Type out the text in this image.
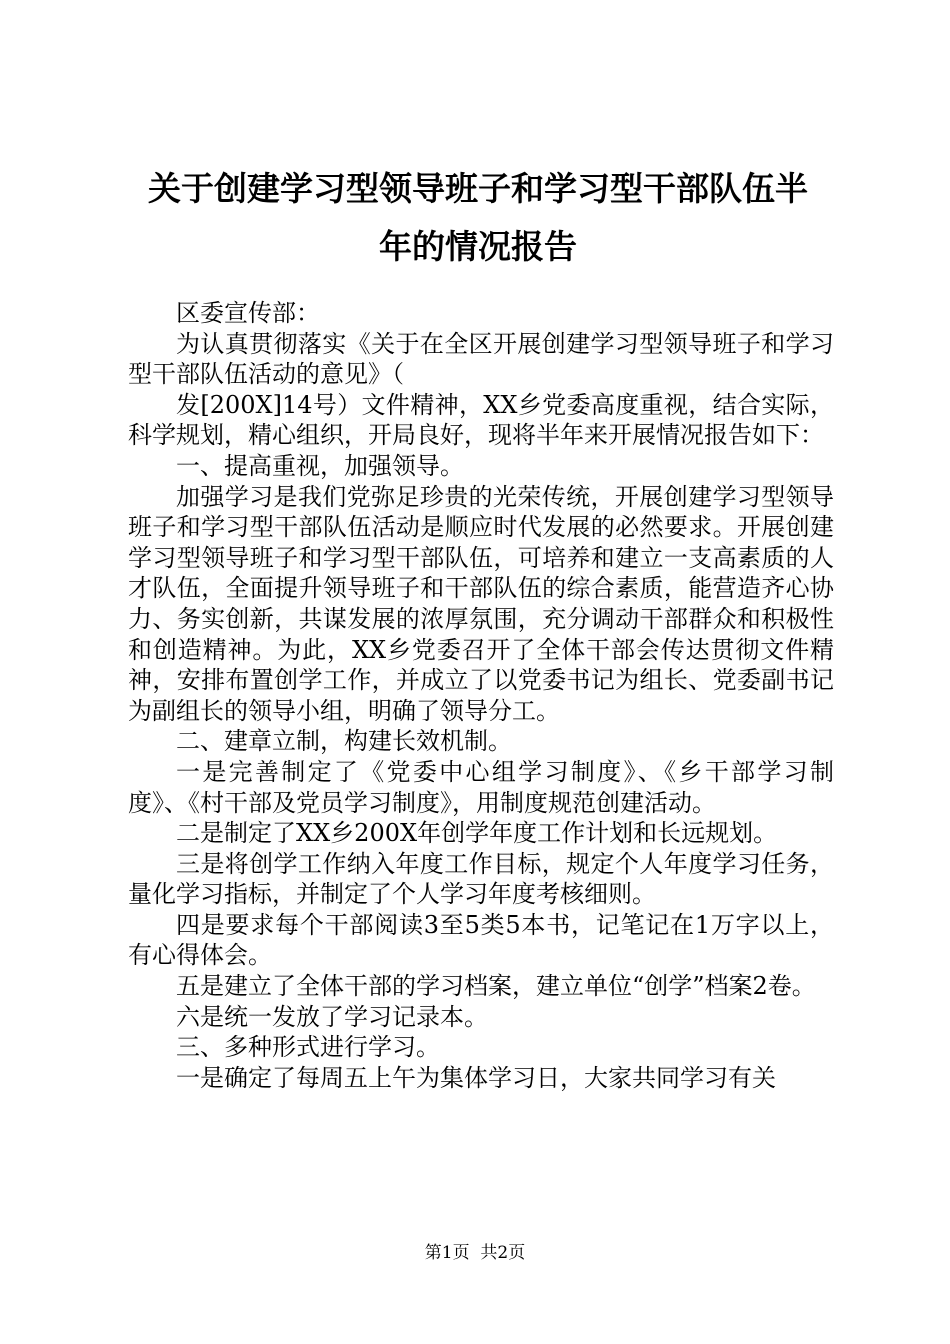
关于创建学习型领导班子和学习型干部队伍半
年的情况报告

区委宣传部：

为认真贯彻落实《关于在全区开展创建学习型领导班子和学习型干部队伍活动的意见》（

发[200X]14号）文件精神，XX乡党委高度重视，结合实际，科学规划，精心组织，开局良好，现将半年来开展情况报告如下：

一、提高重视，加强领导。

加强学习是我们党弥足珍贵的光荣传统，开展创建学习型领导班子和学习型干部队伍活动是顺应时代发展的必然要求。开展创建学习型领导班子和学习型干部队伍，可培养和建立一支高素质的人才队伍，全面提升领导班子和干部队伍的综合素质，能营造齐心协力、务实创新，共谋发展的浓厚氛围，充分调动干部群众和积极性和创造精神。为此，XX乡党委召开了全体干部会传达贯彻文件精神，安排布置创学工作，并成立了以党委书记为组长、党委副书记为副组长的领导小组，明确了领导分工。

二、建章立制，构建长效机制。

一是完善制定了《党委中心组学习制度》、《乡干部学习制度》、《村干部及党员学习制度》，用制度规范创建活动。

二是制定了XX乡200X年创学年度工作计划和长远规划。

三是将创学工作纳入年度工作目标，规定个人年度学习任务，量化学习指标，并制定了个人学习年度考核细则。

四是要求每个干部阅读3至5类5本书，记笔记在1万字以上，有心得体会。

五是建立了全体干部的学习档案，建立单位“创学”档案2卷。

六是统一发放了学习记录本。

三、多种形式进行学习。

一是确定了每周五上午为集体学习日，大家共同学习有关

第1页  共2页
